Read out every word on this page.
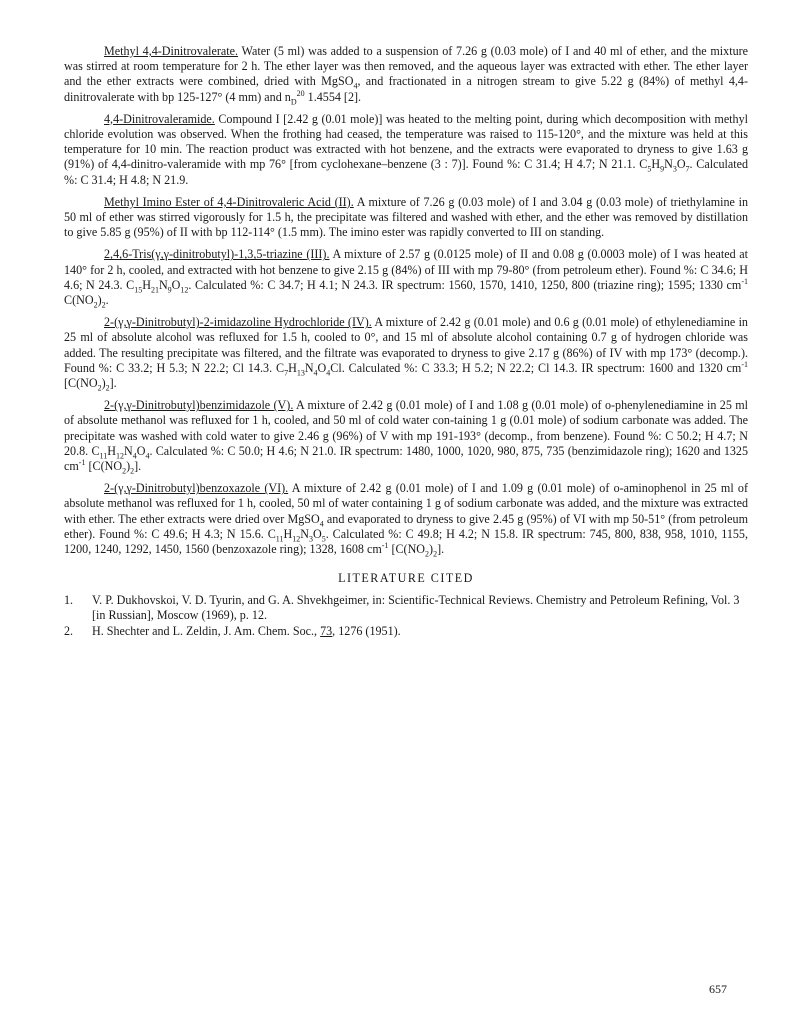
Methyl 4,4-Dinitrovalerate. Water (5 ml) was added to a suspension of 7.26 g (0.03 mole) of I and 40 ml of ether, and the mixture was stirred at room temperature for 2 h. The ether layer was then removed, and the aqueous layer was extracted with ether. The ether layer and the ether extracts were combined, dried with MgSO$_4$, and fractionated in a nitrogen stream to give 5.22 g (84%) of methyl 4,4-dinitrovalerate with bp 125-127° (4 mm) and $n_D^{20}$ 1.4554 [2].

4,4-Dinitrovaleramide. Compound I [2.42 g (0.01 mole)] was heated to the melting point, during which decomposition with methyl chloride evolution was observed. When the frothing had ceased, the temperature was raised to 115-120°, and the mixture was held at this temperature for 10 min. The reaction product was extracted with hot benzene, and the extracts were evaporated to dryness to give 1.63 g (91%) of 4,4-dinitro-valeramide with mp 76° [from cyclohexane–benzene (3 : 7)]. Found %: C 31.4; H 4.7; N 21.1. $C_5H_9N_3O_7$. Calculated %: C 31.4; H 4.8; N 21.9.

Methyl Imino Ester of 4,4-Dinitrovaleric Acid (II). A mixture of 7.26 g (0.03 mole) of I and 3.04 g (0.03 mole) of triethylamine in 50 ml of ether was stirred vigorously for 1.5 h, the precipitate was filtered and washed with ether, and the ether was removed by distillation to give 5.85 g (95%) of II with bp 112-114° (1.5 mm). The imino ester was rapidly converted to III on standing.

2,4,6-Tris(γ,γ-dinitrobutyl)-1,3,5-triazine (III). A mixture of 2.57 g (0.0125 mole) of II and 0.08 g (0.0003 mole) of I was heated at 140° for 2 h, cooled, and extracted with hot benzene to give 2.15 g (84%) of III with mp 79-80° (from petroleum ether). Found %: C 34.6; H 4.6; N 24.3. $C_{15}H_{21}N_9O_{12}$. Calculated %: C 34.7; H 4.1; N 24.3. IR spectrum: 1560, 1570, 1410, 1250, 800 (triazine ring); 1595; 1330 $cm^{-1}$ $C(NO_2)_2$.

2-(γ,γ-Dinitrobutyl)-2-imidazoline Hydrochloride (IV). A mixture of 2.42 g (0.01 mole) and 0.6 g (0.01 mole) of ethylenediamine in 25 ml of absolute alcohol was refluxed for 1.5 h, cooled to 0°, and 15 ml of absolute alcohol containing 0.7 g of hydrogen chloride was added. The resulting precipitate was filtered, and the filtrate was evaporated to dryness to give 2.17 g (86%) of IV with mp 173° (decomp.). Found %: C 33.2; H 5.3; N 22.2; Cl 14.3. $C_7H_{13}N_4O_4Cl$. Calculated %: C 33.3; H 5.2; N 22.2; Cl 14.3. IR spectrum: 1600 and 1320 $cm^{-1}$ $[C(NO_2)_2]$.

2-(γ,γ-Dinitrobutyl)benzimidazole (V). A mixture of 2.42 g (0.01 mole) of I and 1.08 g (0.01 mole) of o-phenylenediamine in 25 ml of absolute methanol was refluxed for 1 h, cooled, and 50 ml of cold water con-taining 1 g (0.01 mole) of sodium carbonate was added. The precipitate was washed with cold water to give 2.46 g (96%) of V with mp 191-193° (decomp., from benzene). Found %: C 50.2; H 4.7; N 20.8. $C_{11}H_{12}N_4O_4$. Calculated %: C 50.0; H 4.6; N 21.0. IR spectrum: 1480, 1000, 1020, 980, 875, 735 (benzimidazole ring); 1620 and 1325 $cm^{-1}$ $[C(NO_2)_2]$.

2-(γ,γ-Dinitrobutyl)benzoxazole (VI). A mixture of 2.42 g (0.01 mole) of I and 1.09 g (0.01 mole) of o-aminophenol in 25 ml of absolute methanol was refluxed for 1 h, cooled, 50 ml of water containing 1 g of sodium carbonate was added, and the mixture was extracted with ether. The ether extracts were dried over MgSO$_4$ and evaporated to dryness to give 2.45 g (95%) of VI with mp 50-51° (from petroleum ether). Found %: C 49.6; H 4.3; N 15.6. $C_{11}H_{12}N_3O_5$. Calculated %: C 49.8; H 4.2; N 15.8. IR spectrum: 745, 800, 838, 958, 1010, 1155, 1200, 1240, 1292, 1450, 1560 (benzoxazole ring); 1328, 1608 $cm^{-1}$ $[C(NO_2)_2]$.

LITERATURE CITED
1.	V. P. Dukhovskoi, V. D. Tyurin, and G. A. Shvekhgeimer, in: Scientific-Technical Reviews. Chemistry and Petroleum Refining, Vol. 3 [in Russian], Moscow (1969), p. 12.
2.	H. Shechter and L. Zeldin, J. Am. Chem. Soc., 73, 1276 (1951).
657
